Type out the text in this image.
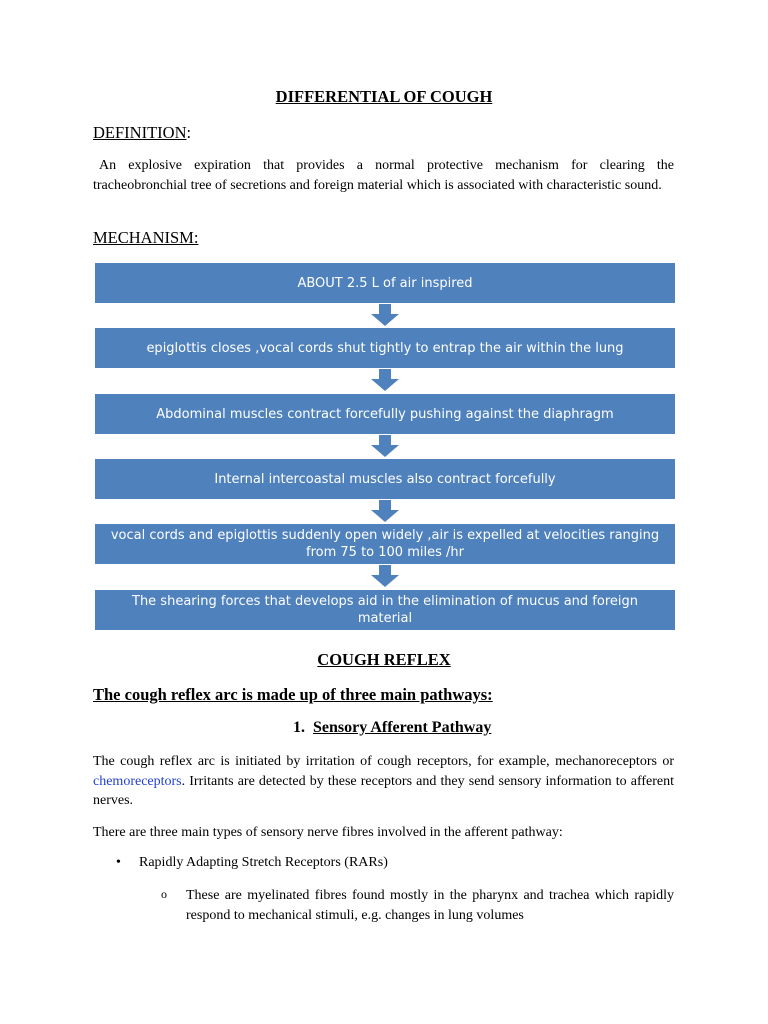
DIFFERENTIAL OF COUGH
DEFINITION:
An explosive expiration that provides a normal protective mechanism for clearing the tracheobronchial tree of secretions and foreign material which is associated with characteristic sound.
MECHANISM:
ABOUT 2.5 L of air inspired
epiglottis closes ,vocal cords shut tightly to entrap the air within the lung
Abdominal muscles contract forcefully pushing against the diaphragm
Internal intercoastal muscles also contract forcefully
vocal cords and epiglottis suddenly open widely ,air is expelled at velocities ranging from 75 to 100 miles /hr
The shearing forces that develops aid in the elimination of mucus and foreign material
COUGH REFLEX
The cough reflex arc is made up of three main pathways:
1. Sensory Afferent Pathway
The cough reflex arc is initiated by irritation of cough receptors, for example, mechanoreceptors or chemoreceptors. Irritants are detected by these receptors and they send sensory information to afferent nerves.
There are three main types of sensory nerve fibres involved in the afferent pathway:
• Rapidly Adapting Stretch Receptors (RARs)
o These are myelinated fibres found mostly in the pharynx and trachea which rapidly respond to mechanical stimuli, e.g. changes in lung volumes
